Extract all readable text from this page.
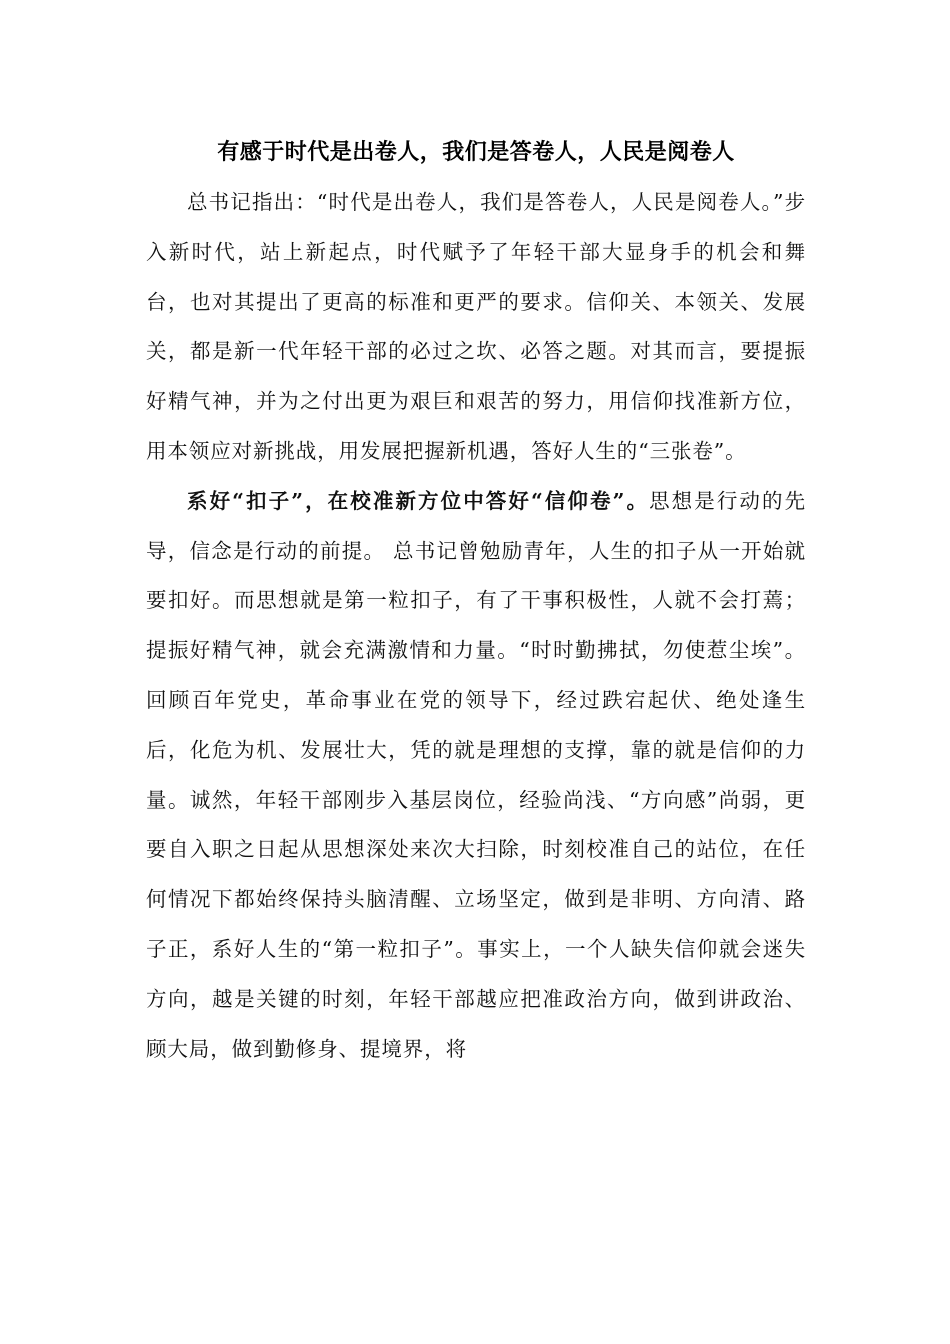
有感于时代是出卷人，我们是答卷人，人民是阅卷人

总书记指出：“时代是出卷人，我们是答卷人，人民是阅卷人。”步入新时代，站上新起点，时代赋予了年轻干部大显身手的机会和舞台，也对其提出了更高的标准和更严的要求。信仰关、本领关、发展关，都是新一代年轻干部的必过之坎、必答之题。对其而言，要提振好精气神，并为之付出更为艰巨和艰苦的努力，用信仰找准新方位，用本领应对新挑战，用发展把握新机遇，答好人生的“三张卷”。

系好“扣子”，在校准新方位中答好“信仰卷”。思想是行动的先导，信念是行动的前提。 总书记曾勉励青年，人生的扣子从一开始就要扣好。而思想就是第一粒扣子，有了干事积极性，人就不会打蔫；提振好精气神，就会充满激情和力量。“时时勤拂拭，勿使惹尘埃”。回顾百年党史，革命事业在党的领导下，经过跌宕起伏、绝处逢生后，化危为机、发展壮大，凭的就是理想的支撑，靠的就是信仰的力量。诚然，年轻干部刚步入基层岗位，经验尚浅、“方向感”尚弱，更要自入职之日起从思想深处来次大扫除，时刻校准自己的站位，在任何情况下都始终保持头脑清醒、立场坚定，做到是非明、方向清、路子正，系好人生的“第一粒扣子”。事实上，一个人缺失信仰就会迷失方向，越是关键的时刻，年轻干部越应把准政治方向，做到讲政治、顾大局，做到勤修身、提境界，将
